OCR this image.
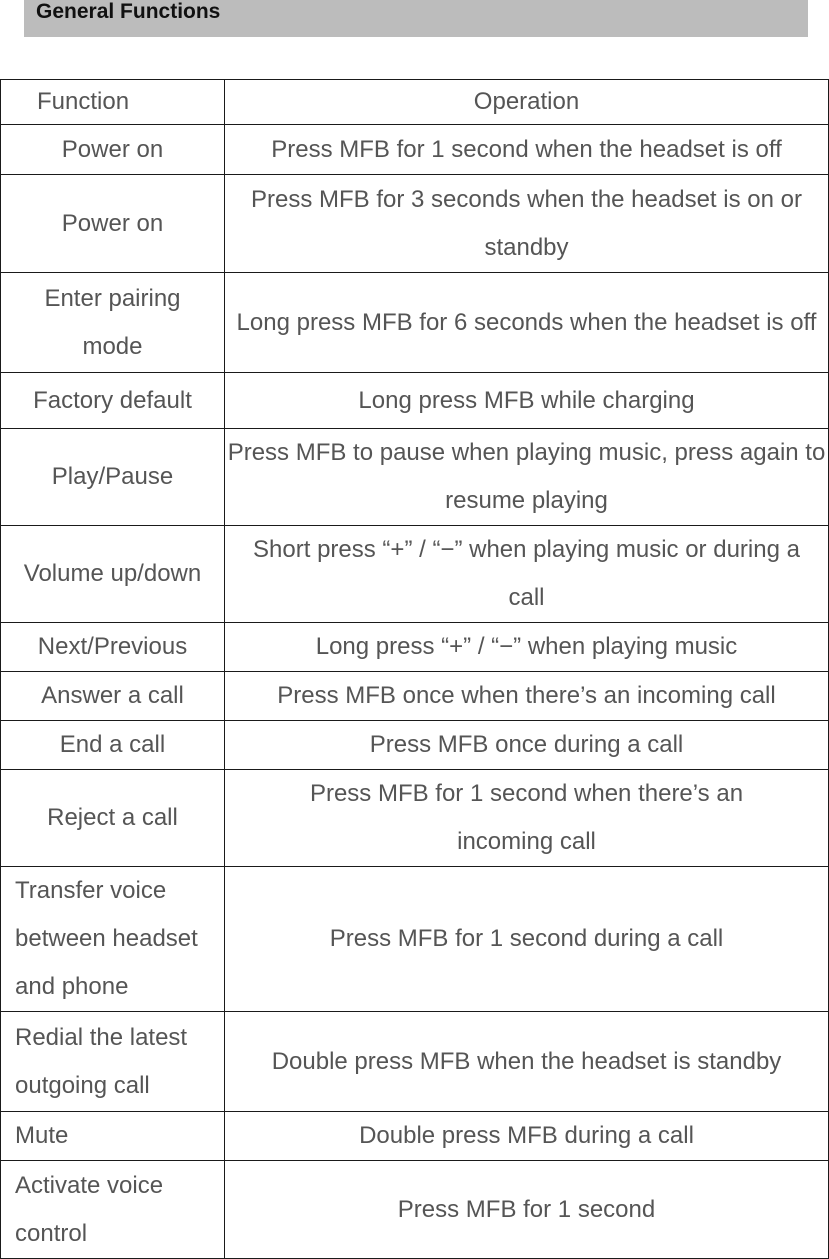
General Functions
Function	Operation
Power on	Press MFB for 1 second when the headset is off
Power on	Press MFB for 3 seconds when the headset is on or standby
Enter pairing mode	Long press MFB for 6 seconds when the headset is off
Factory default	Long press MFB while charging
Play/Pause	Press MFB to pause when playing music, press again to resume playing
Volume up/down	Short press “+” / “−” when playing music or during a call
Next/Previous	Long press “+” / “−” when playing music
Answer a call	Press MFB once when there’s an incoming call
End a call	Press MFB once during a call
Reject a call	Press MFB for 1 second when there’s an incoming call
Transfer voice between headset and phone	Press MFB for 1 second during a call
Redial the latest outgoing call	Double press MFB when the headset is standby
Mute	Double press MFB during a call
Activate voice control	Press MFB for 1 second
